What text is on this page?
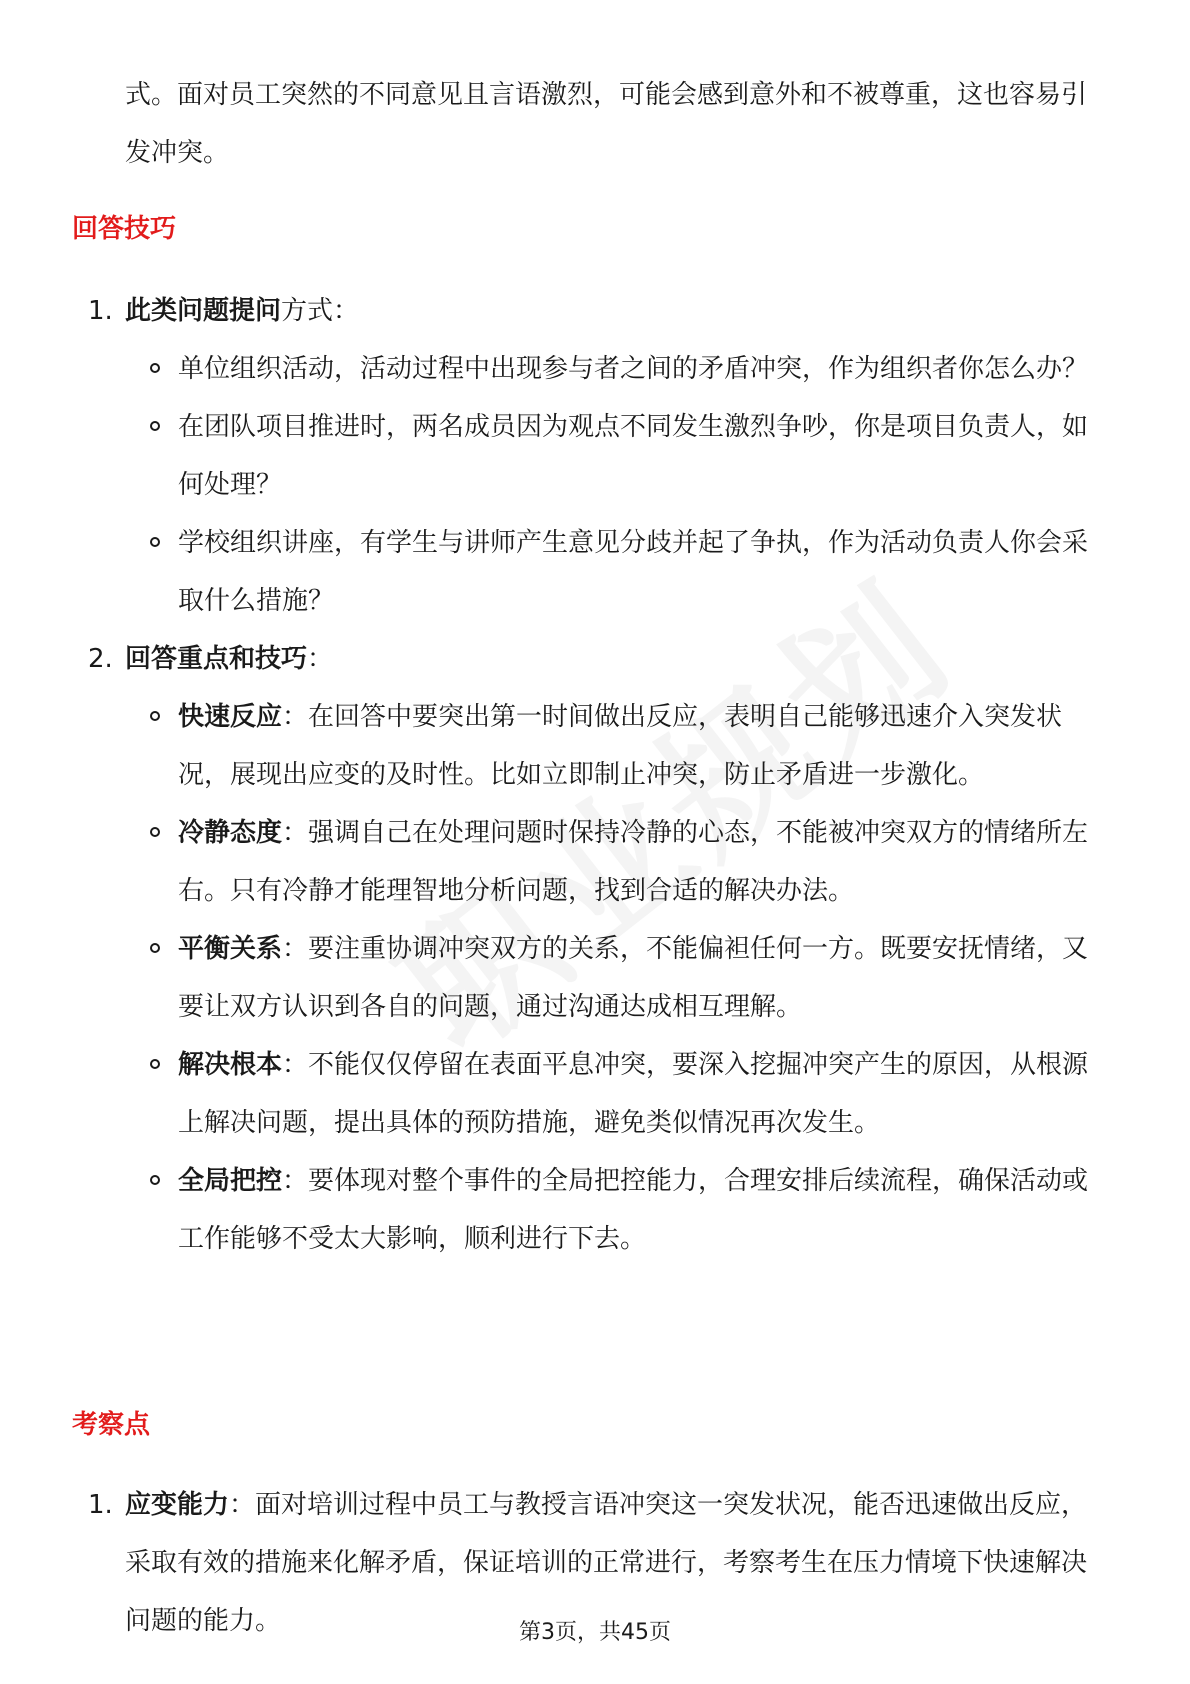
式。面对员工突然的不同意见且言语激烈，可能会感到意外和不被尊重，这也容易引发冲突。

回答技巧
1. 此类问题提问方式：

单位组织活动，活动过程中出现参与者之间的矛盾冲突，作为组织者你怎么办？
在团队项目推进时，两名成员因为观点不同发生激烈争吵，你是项目负责人，如何处理？
学校组织讲座，有学生与讲师产生意见分歧并起了争执，作为活动负责人你会采取什么措施？
2. 回答重点和技巧：

快速反应：在回答中要突出第一时间做出反应，表明自己能够迅速介入突发状况，展现出应变的及时性。比如立即制止冲突，防止矛盾进一步激化。
冷静态度：强调自己在处理问题时保持冷静的心态，不能被冲突双方的情绪所左右。只有冷静才能理智地分析问题，找到合适的解决办法。
平衡关系：要注重协调冲突双方的关系，不能偏袒任何一方。既要安抚情绪，又要让双方认识到各自的问题，通过沟通达成相互理解。
解决根本：不能仅仅停留在表面平息冲突，要深入挖掘冲突产生的原因，从根源上解决问题，提出具体的预防措施，避免类似情况再次发生。
全局把控：要体现对整个事件的全局把控能力，合理安排后续流程，确保活动或工作能够不受太大影响，顺利进行下去。
考察点
1. 应变能力：面对培训过程中员工与教授言语冲突这一突发状况，能否迅速做出反应，采取有效的措施来化解矛盾，保证培训的正常进行，考察考生在压力情境下快速解决问题的能力。	第3页，共45页
